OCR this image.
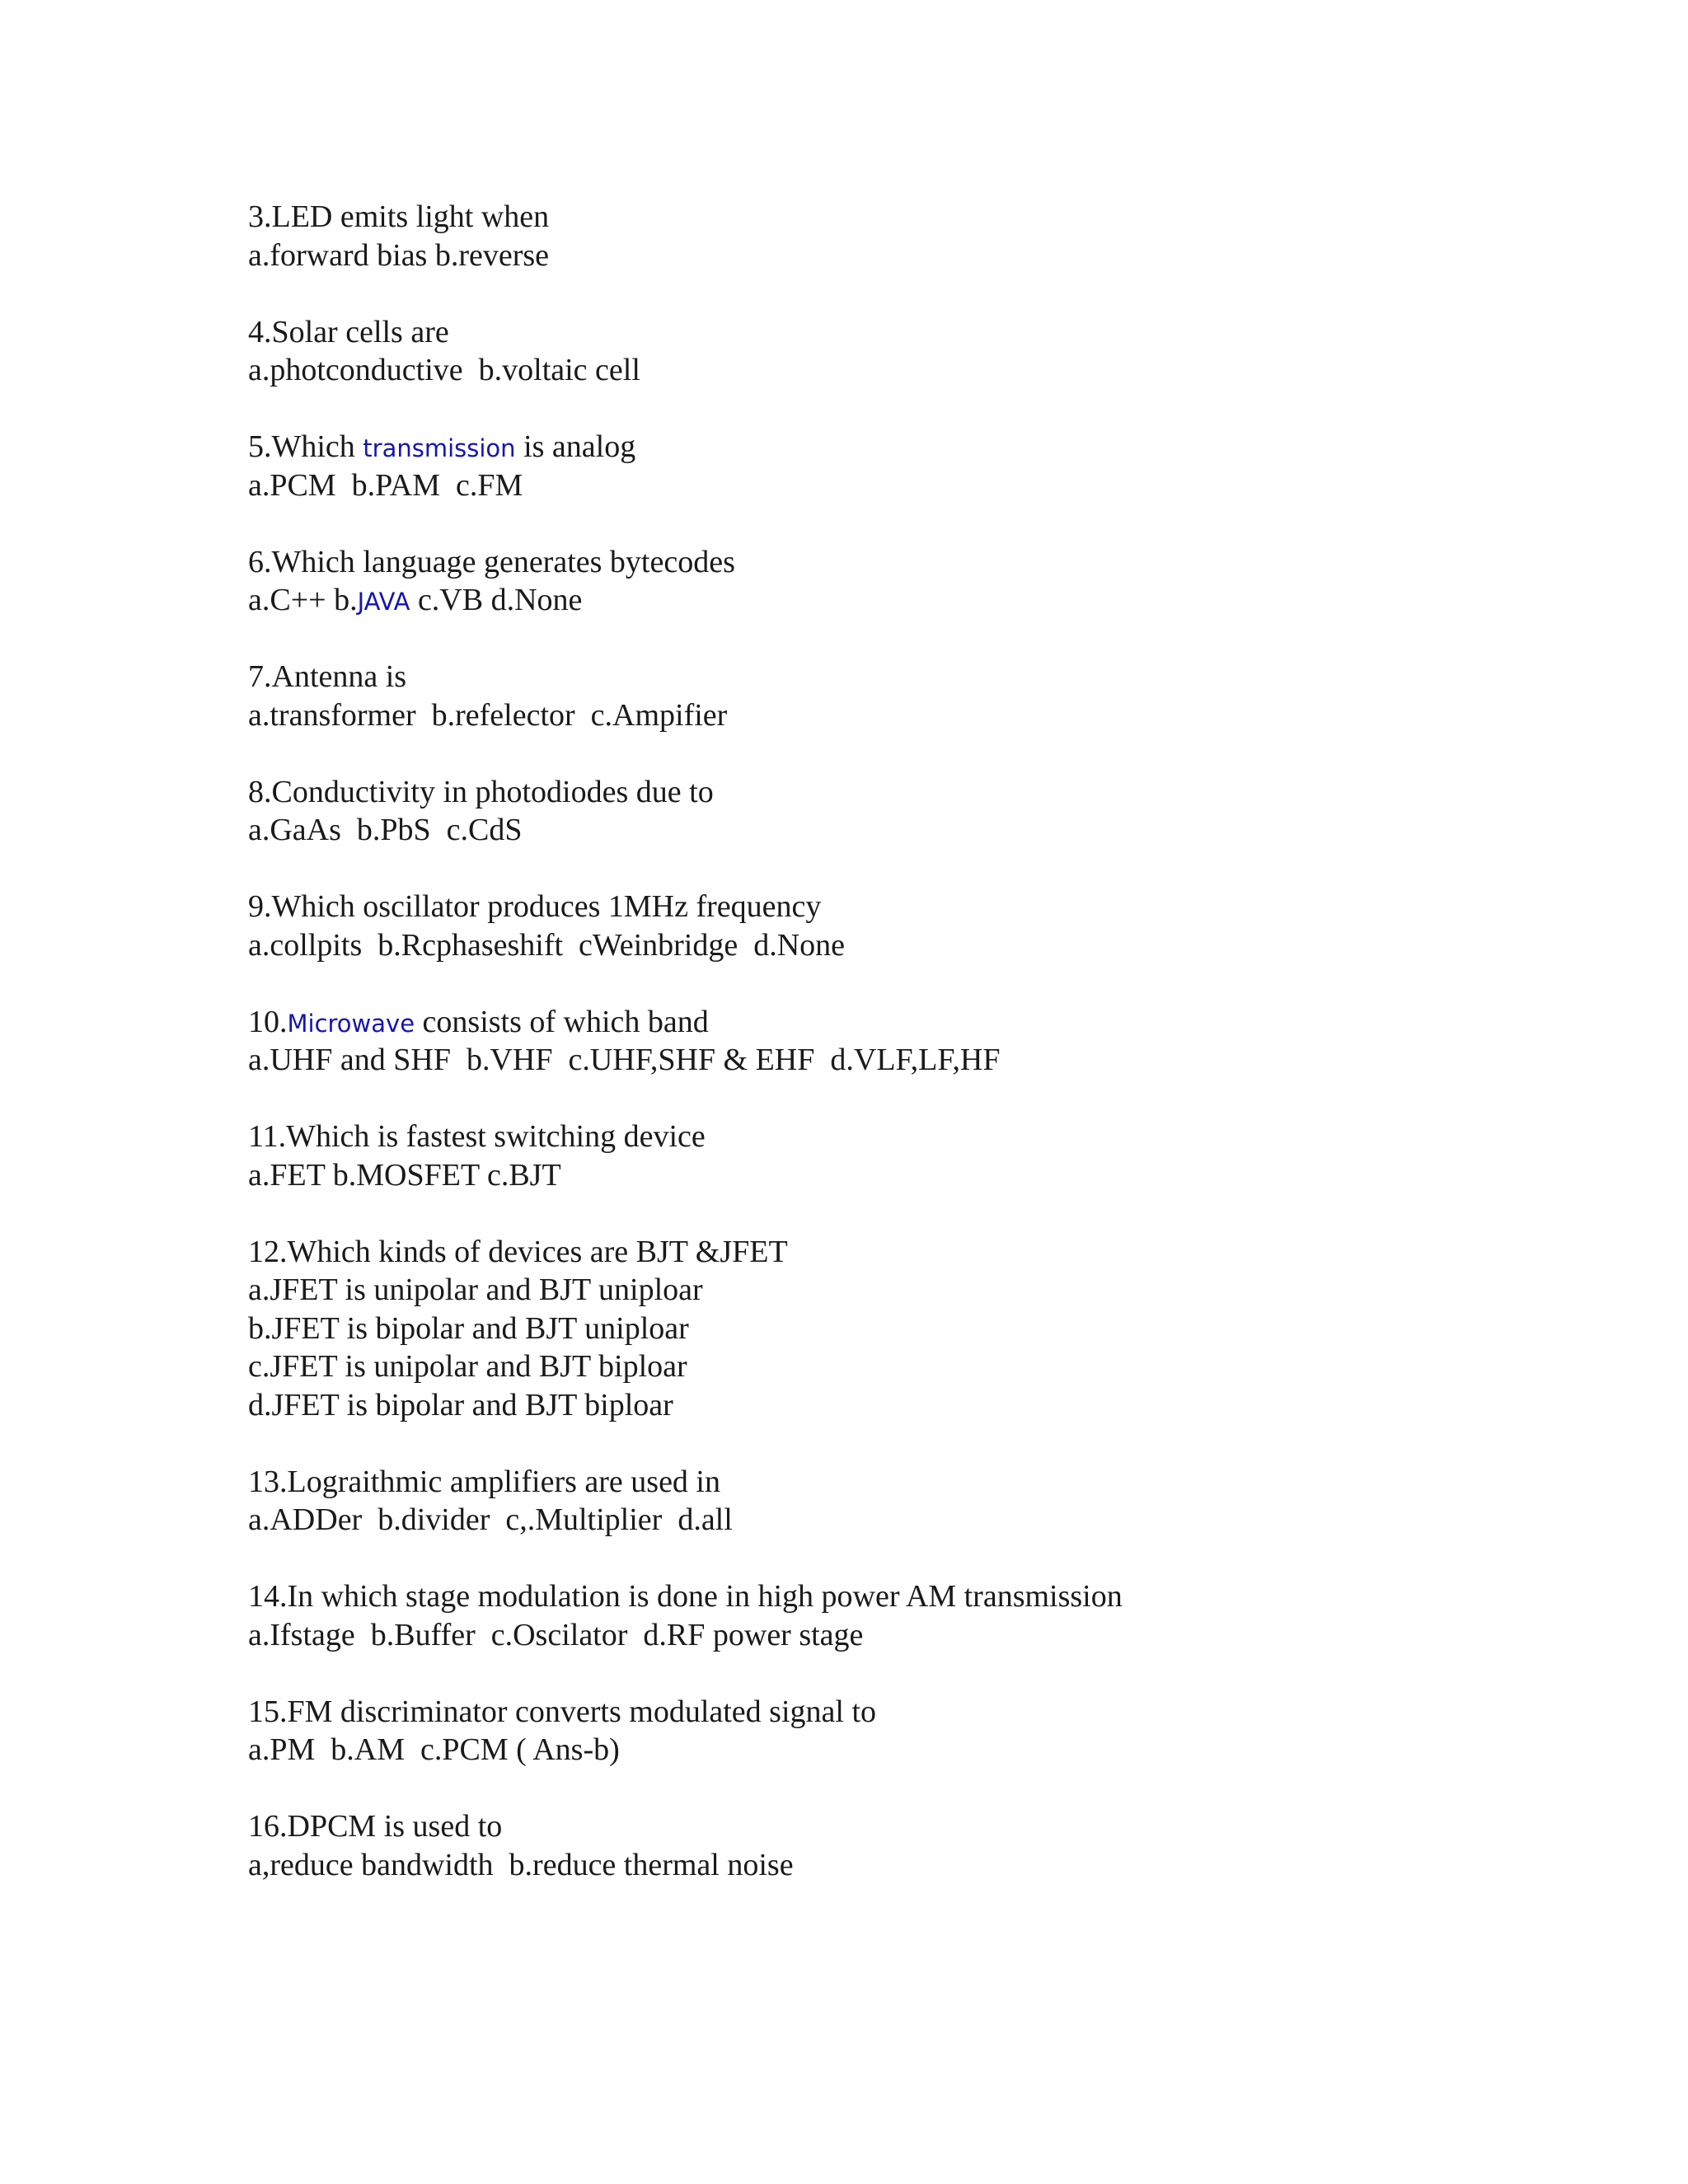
3.LED emits light when
a.forward bias b.reverse
4.Solar cells are
a.photconductive  b.voltaic cell
5.Which transmission is analog
a.PCM  b.PAM  c.FM
6.Which language generates bytecodes
a.C++ b.JAVA c.VB d.None
7.Antenna is
a.transformer  b.refelector  c.Ampifier
8.Conductivity in photodiodes due to
a.GaAs  b.PbS  c.CdS
9.Which oscillator produces 1MHz frequency
a.collpits  b.Rcphaseshift  cWeinbridge  d.None
10.Microwave consists of which band
a.UHF and SHF  b.VHF  c.UHF,SHF & EHF  d.VLF,LF,HF
11.Which is fastest switching device
a.FET b.MOSFET c.BJT
12.Which kinds of devices are BJT &JFET
a.JFET is unipolar and BJT uniploar
b.JFET is bipolar and BJT uniploar
c.JFET is unipolar and BJT biploar
d.JFET is bipolar and BJT biploar
13.Lograithmic amplifiers are used in
a.ADDer  b.divider  c,.Multiplier  d.all
14.In which stage modulation is done in high power AM transmission
a.Ifstage  b.Buffer  c.Oscilator  d.RF power stage
15.FM discriminator converts modulated signal to
a.PM  b.AM  c.PCM ( Ans-b)
16.DPCM is used to
a,reduce bandwidth  b.reduce thermal noise
